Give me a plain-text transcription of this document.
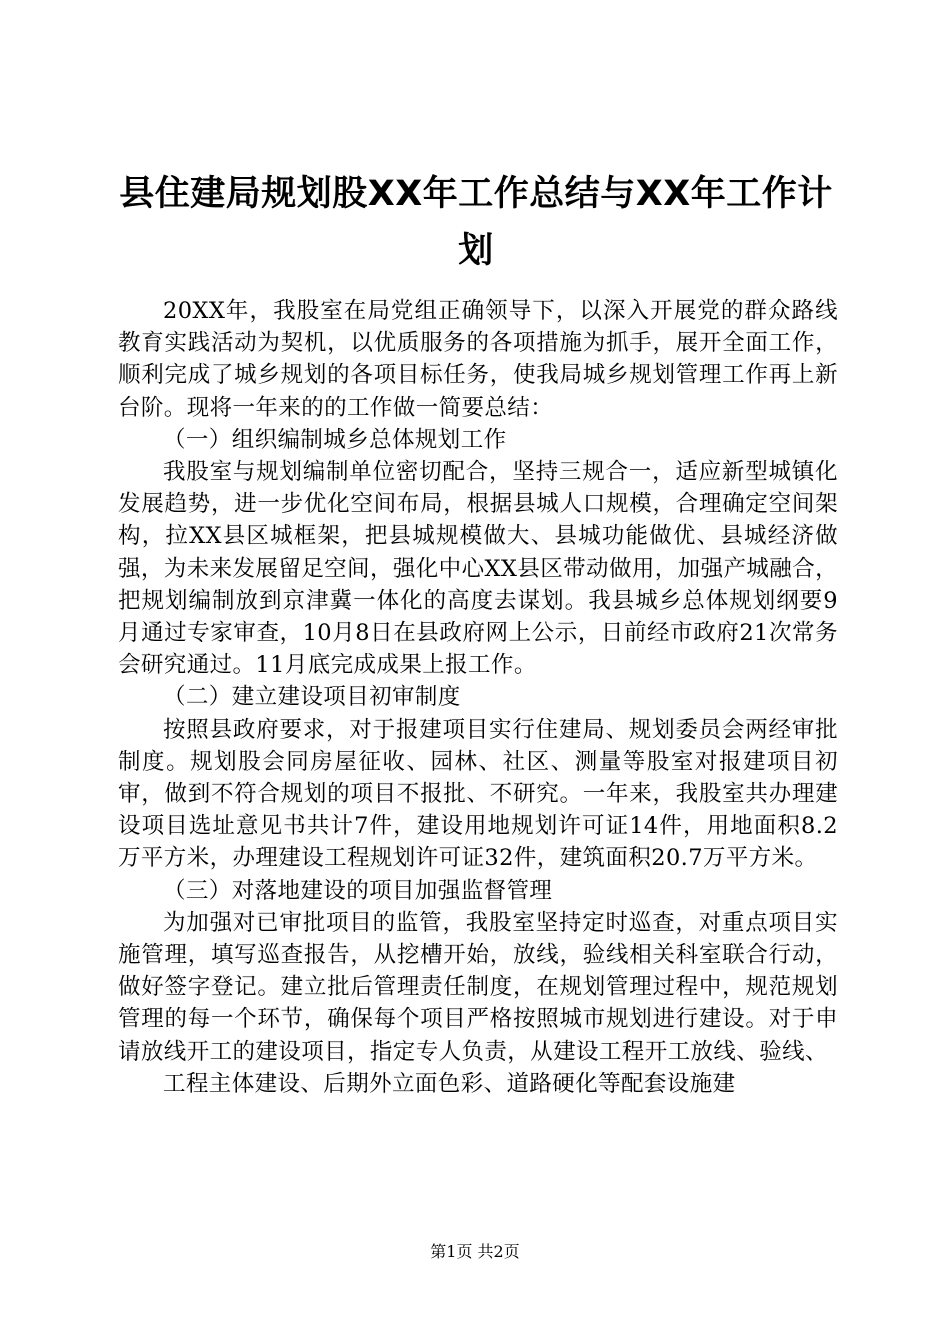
县住建局规划股XX年工作总结与XX年工作计划

20XX年，我股室在局党组正确领导下，以深入开展党的群众路线教育实践活动为契机，以优质服务的各项措施为抓手，展开全面工作，顺利完成了城乡规划的各项目标任务，使我局城乡规划管理工作再上新台阶。现将一年来的的工作做一简要总结：

（一）组织编制城乡总体规划工作

我股室与规划编制单位密切配合，坚持三规合一，适应新型城镇化发展趋势，进一步优化空间布局，根据县城人口规模，合理确定空间架构，拉XX县区城框架，把县城规模做大、县城功能做优、县城经济做强，为未来发展留足空间，强化中心XX县区带动做用，加强产城融合，把规划编制放到京津冀一体化的高度去谋划。我县城乡总体规划纲要9月通过专家审查，10月8日在县政府网上公示，日前经市政府21次常务会研究通过。11月底完成成果上报工作。

（二）建立建设项目初审制度

按照县政府要求，对于报建项目实行住建局、规划委员会两经审批制度。规划股会同房屋征收、园林、社区、测量等股室对报建项目初审，做到不符合规划的项目不报批、不研究。一年来，我股室共办理建设项目选址意见书共计7件，建设用地规划许可证14件，用地面积8.2万平方米，办理建设工程规划许可证32件，建筑面积20.7万平方米。

（三）对落地建设的项目加强监督管理

为加强对已审批项目的监管，我股室坚持定时巡查，对重点项目实施管理，填写巡查报告，从挖槽开始，放线，验线相关科室联合行动，做好签字登记。建立批后管理责任制度，在规划管理过程中，规范规划管理的每一个环节，确保每个项目严格按照城市规划进行建设。对于申请放线开工的建设项目，指定专人负责，从建设工程开工放线、验线、

工程主体建设、后期外立面色彩、道路硬化等配套设施建

第1页 共2页
